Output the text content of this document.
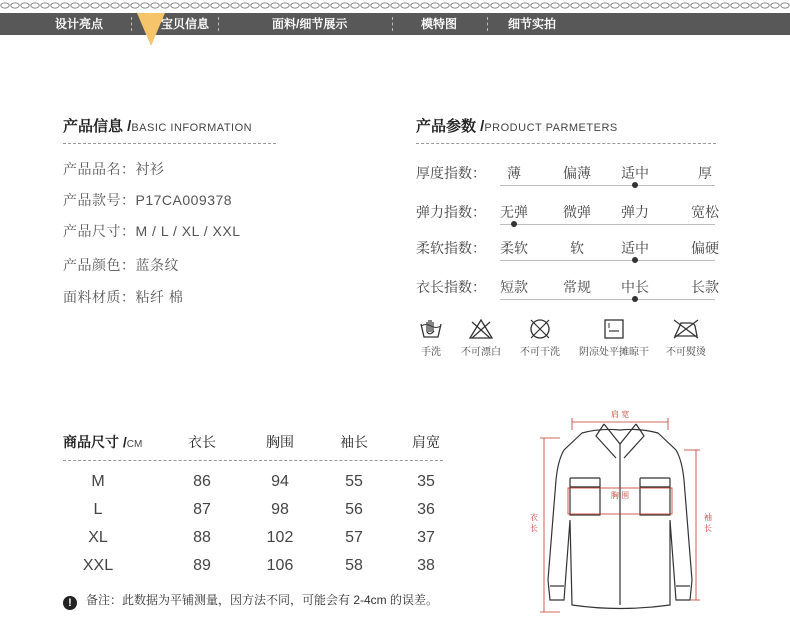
设计亮点	宝贝信息	面料/细节展示	模特图	细节实拍
产品信息 /BASIC INFORMATION
产品品名：衬衫
产品款号：P17CA009378
产品尺寸：M / L / XL / XXL
产品颜色：蓝条纹
面料材质：粘纤 棉
产品参数 /PRODUCT PARMETERS
厚度指数： 薄	偏薄 适中	厚
弹力指数： 无弹	微弹 弹力	宽松
柔软指数： 柔软	软	适中	偏硬
衣长指数： 短款	常规 中长	长款
手洗	不可漂白	不可干洗	阴凉处平摊晾干	不可熨烫
商品尺寸 /CM	衣长	胸围	袖长	肩宽
M	86	94	55	35
L	87	98	56	36
XL	88	102	57	37
XXL	89	106	58	38
! 备注：此数据为平铺测量，因方法不同，可能会有 2-4cm 的误差。
肩 宽
胸 围
衣
长
袖
长
